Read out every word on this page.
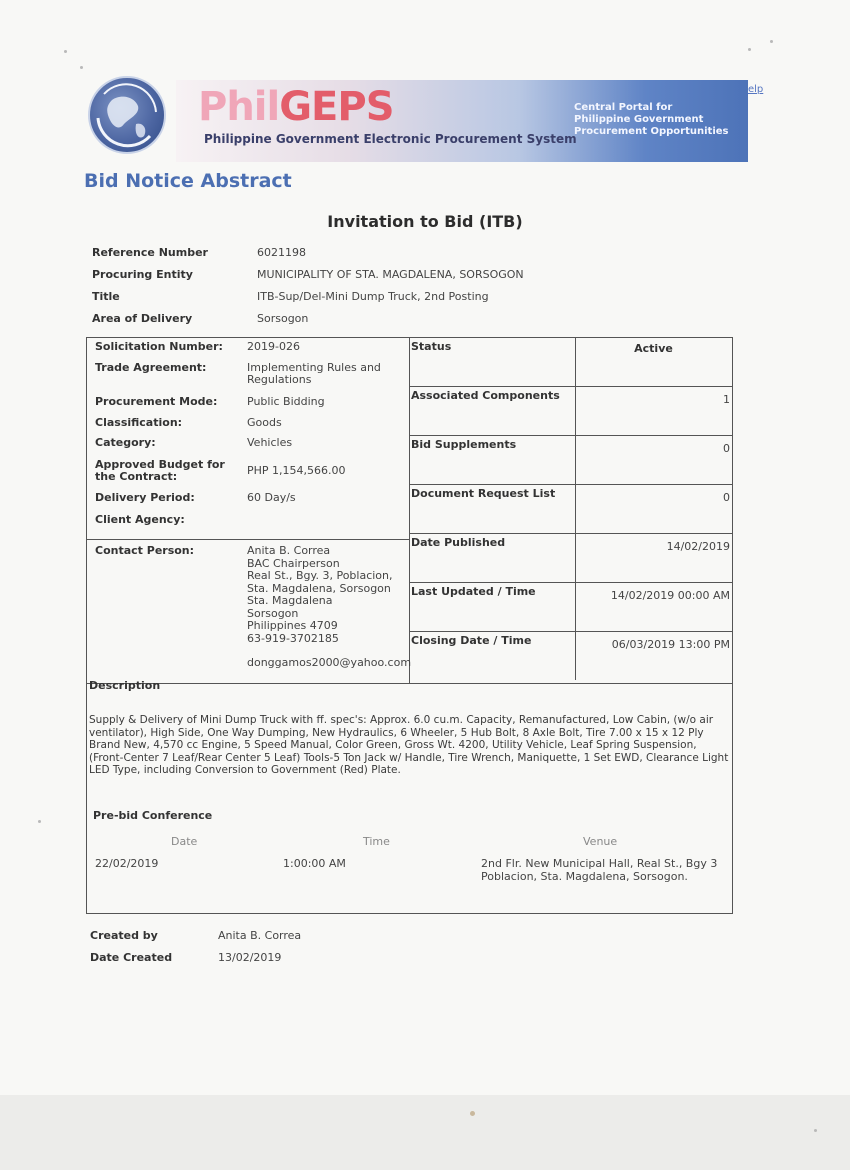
PhilGEPS
Philippine Government Electronic Procurement System
Central Portal for
Philippine Government
Procurement Opportunities
elp
Bid Notice Abstract
Invitation to Bid (ITB)
Reference Number	6021198
Procuring Entity	MUNICIPALITY OF STA. MAGDALENA, SORSOGON
Title	ITB-Sup/Del-Mini Dump Truck, 2nd Posting
Area of Delivery	Sorsogon
Solicitation Number:	2019-026
Trade Agreement:	Implementing Rules and Regulations
Procurement Mode:	Public Bidding
Classification:	Goods
Category:	Vehicles
Approved Budget for the Contract:	PHP 1,154,566.00
Delivery Period:	60 Day/s
Client Agency:
Contact Person:	Anita B. Correa
BAC Chairperson
Real St., Bgy. 3, Poblacion,
Sta. Magdalena, Sorsogon
Sta. Magdalena
Sorsogon
Philippines 4709
63-919-3702185
donggamos2000@yahoo.com
Status	Active
Associated Components	1
Bid Supplements	0
Document Request List	0
Date Published	14/02/2019
Last Updated / Time	14/02/2019 00:00 AM
Closing Date / Time	06/03/2019 13:00 PM
Description
Supply & Delivery of Mini Dump Truck with ff. spec's: Approx. 6.0 cu.m. Capacity, Remanufactured, Low Cabin, (w/o air ventilator), High Side, One Way Dumping, New Hydraulics, 6 Wheeler, 5 Hub Bolt, 8 Axle Bolt, Tire 7.00 x 15 x 12 Ply Brand New, 4,570 cc Engine, 5 Speed Manual, Color Green, Gross Wt. 4200, Utility Vehicle, Leaf Spring Suspension, (Front-Center 7 Leaf/Rear Center 5 Leaf) Tools-5 Ton Jack w/ Handle, Tire Wrench, Maniquette, 1 Set EWD, Clearance Light LED Type, including Conversion to Government (Red) Plate.
Pre-bid Conference
Date	Time	Venue
22/02/2019	1:00:00 AM	2nd Flr. New Municipal Hall, Real St., Bgy 3 Poblacion, Sta. Magdalena, Sorsogon.
Created by	Anita B. Correa
Date Created	13/02/2019
